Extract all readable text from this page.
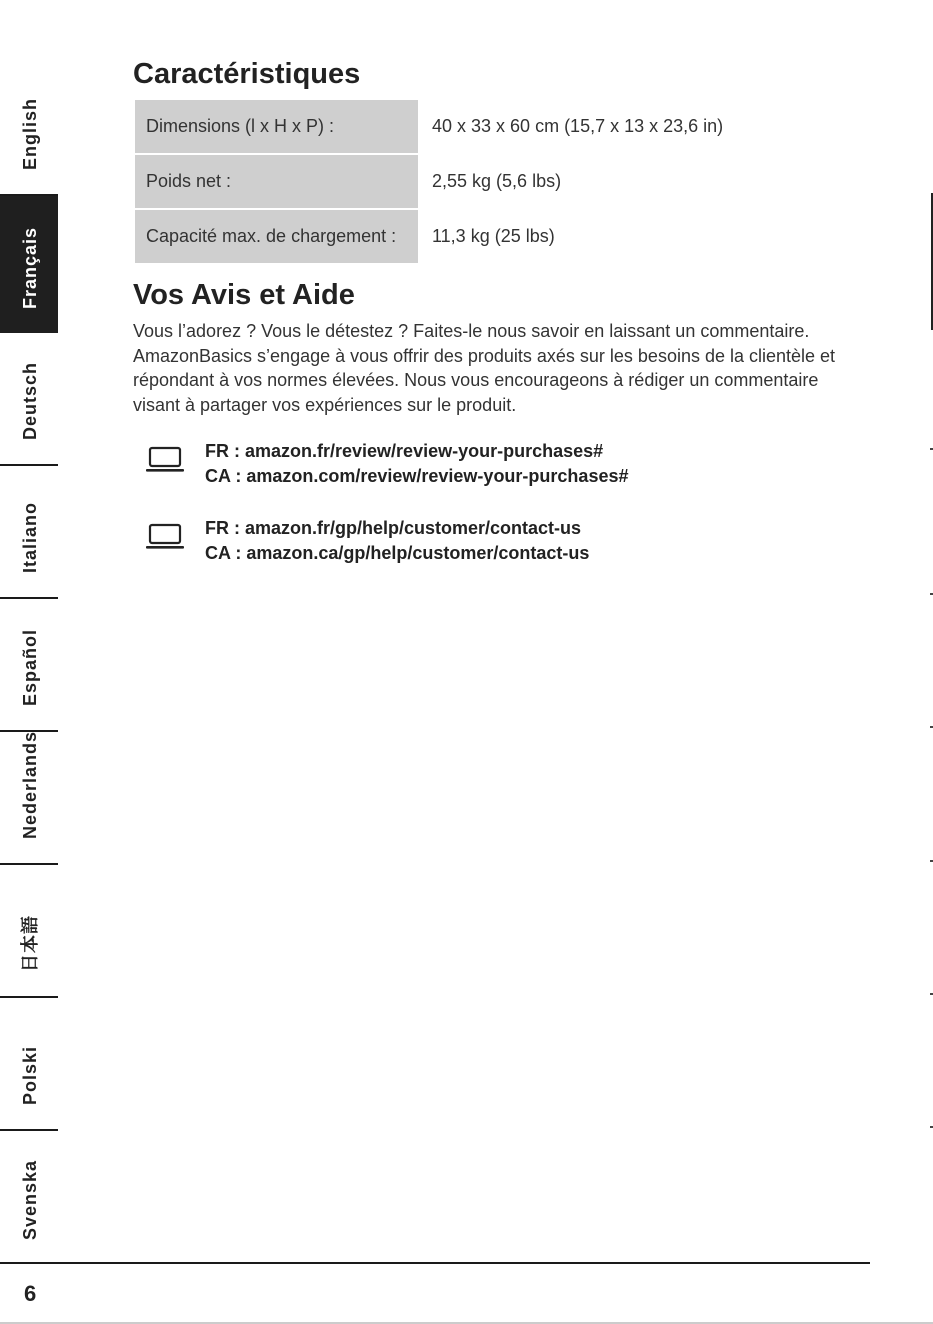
English
Français
Deutsch
Italiano
Español
Nederlands
日本語
Polski
Svenska
Caractéristiques
Dimensions (l x H x P) :	40 x 33 x 60 cm (15,7 x 13 x 23,6 in)
Poids net :	2,55 kg (5,6 lbs)
Capacité max. de chargement :	11,3 kg (25 lbs)
Vos Avis et Aide

Vous l’adorez ? Vous le détestez ? Faites-le nous savoir en laissant un commentaire. AmazonBasics s’engage à vous offrir des produits axés sur les besoins de la clientèle et répondant à vos normes élevées. Nous vous encourageons à rédiger un commentaire visant à partager vos expériences sur le produit.

FR : amazon.fr/review/review-your-purchases#
CA : amazon.com/review/review-your-purchases#
FR : amazon.fr/gp/help/customer/contact-us
CA : amazon.ca/gp/help/customer/contact-us
6
